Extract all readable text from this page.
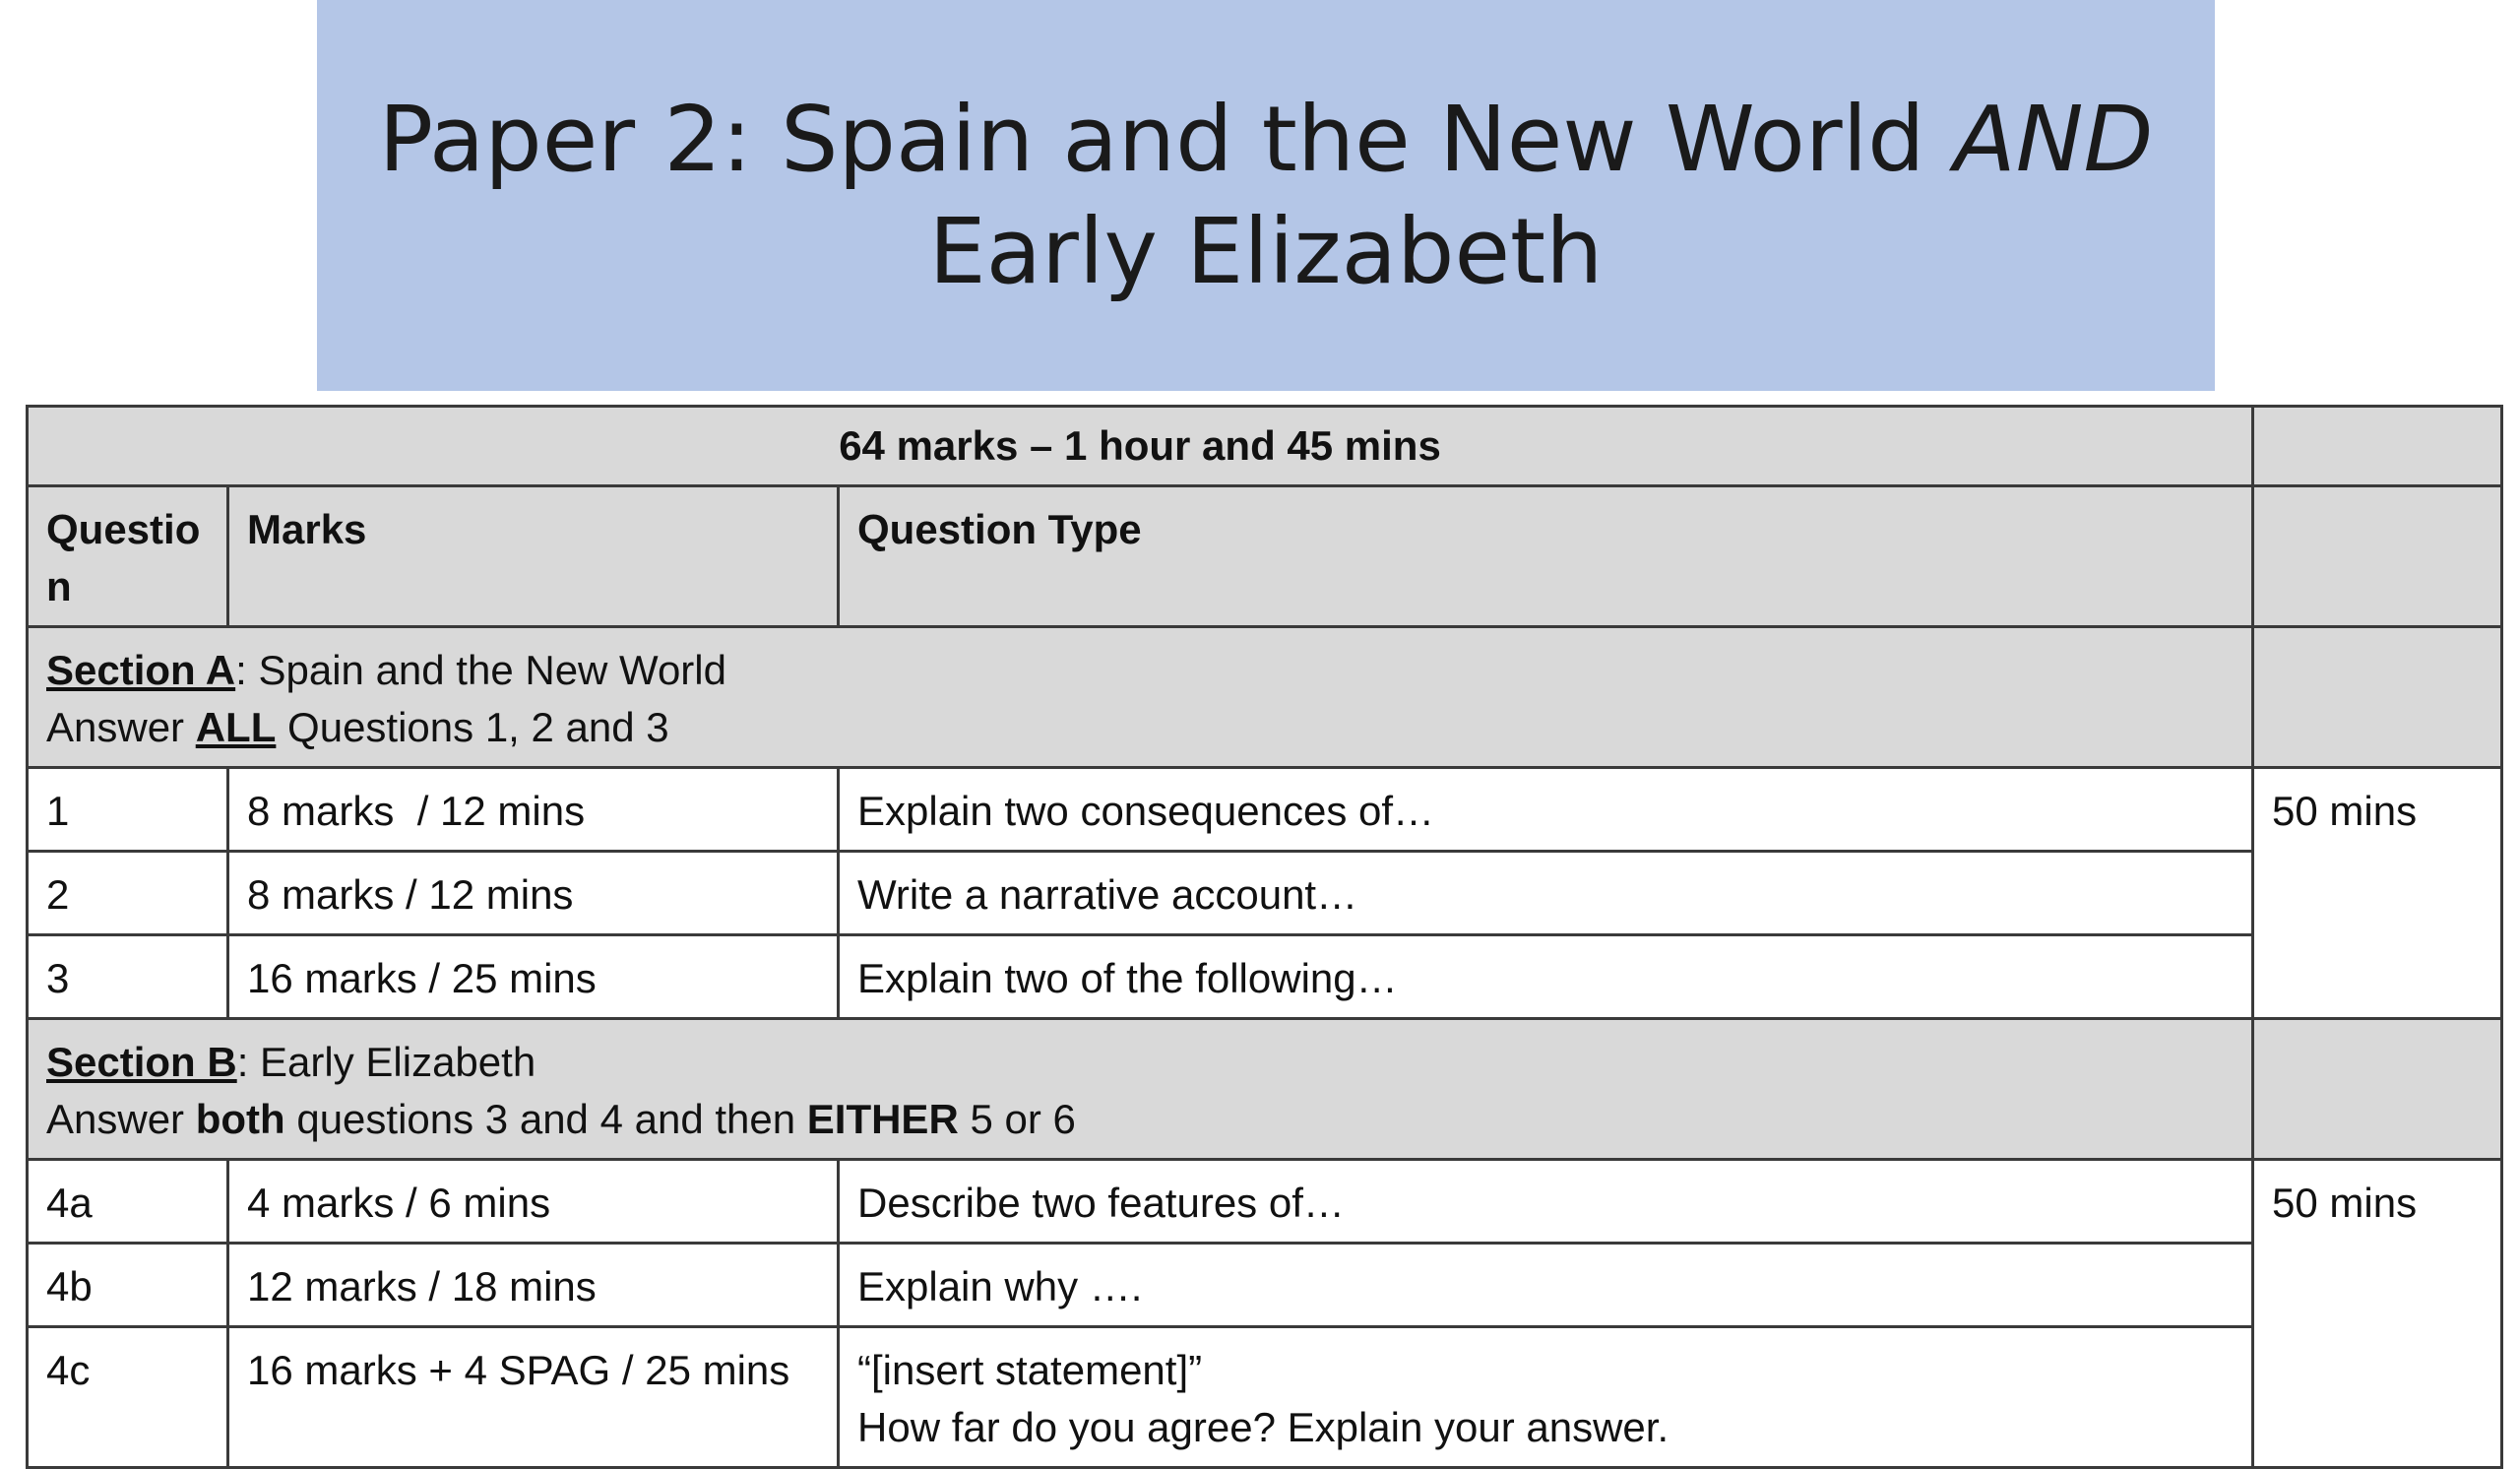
Paper 2: Spain and the New World AND
Early Elizabeth
64 marks – 1 hour and 45 mins			
Question	Marks	Question Type	

Section A: Spain and the New World
Answer ALL Questions 1, 2 and 3			

1	8 marks  / 12 mins	Explain two consequences of…	50 mins
2	8 marks / 12 mins	Write a narrative account…	
3	16 marks / 25 mins	Explain two of the following…	

Section B: Early Elizabeth
Answer both questions 3 and 4 and then EITHER 5 or 6			

4a	4 marks / 6 mins	Describe two features of…	50 mins
4b	12 marks / 18 mins	Explain why ….	
4c	16 marks + 4 SPAG / 25 mins	“[insert statement]”
How far do you agree? Explain your answer.	
